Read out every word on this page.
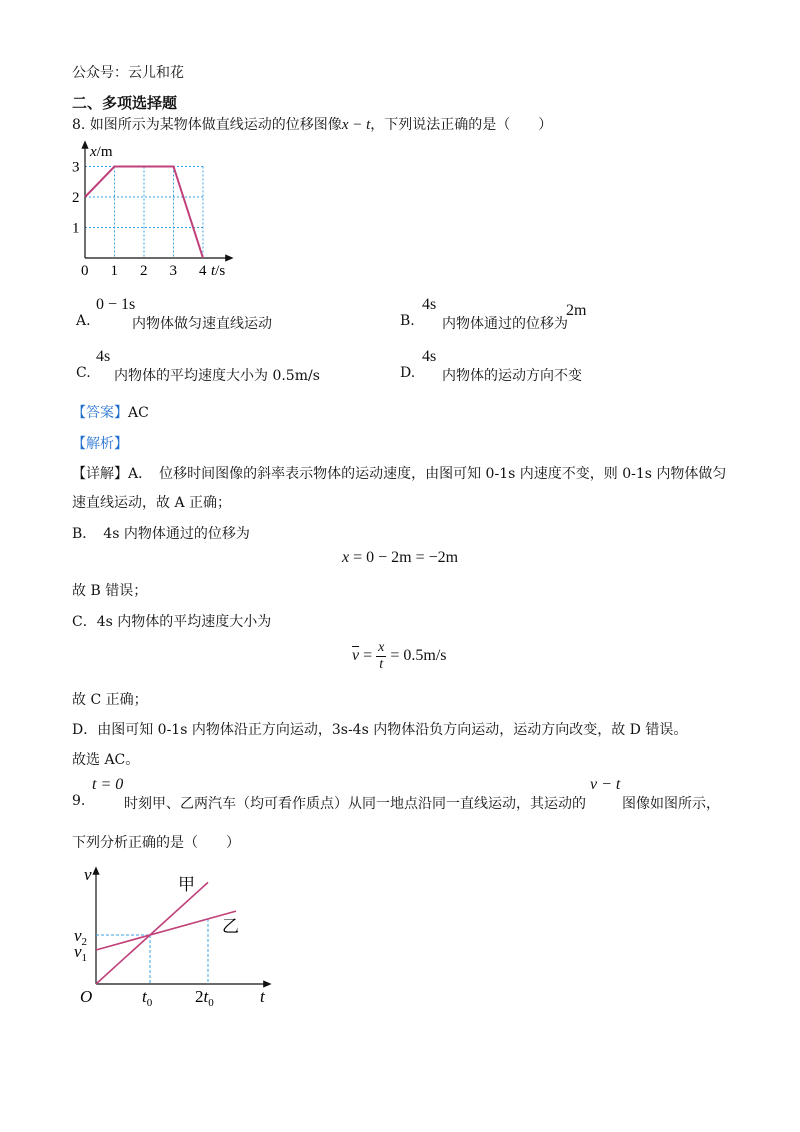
公众号：云儿和花
二、多项选择题
8. 如图所示为某物体做直线运动的位移图像x − t，下列说法正确的是（　　）
0 1 2 3 4
1
2
3
x/m
t/s
A.
0 − 1s
内物体做匀速直线运动	B.
4s
内物体通过的位移为
2m
C.
4s
内物体的平均速度大小为 0.5m/s	D.
4s
内物体的运动方向不变
【答案】AC
【解析】
【详解】A．　位移时间图像的斜率表示物体的运动速度，由图可知 0-1s 内速度不变，则 0-1s 内物体做匀
速直线运动，故 A 正确；
B．　4s 内物体通过的位移为
x = 0 − 2m = −2m
故 B 错误；
C．4s 内物体的平均速度大小为
$\overline{v} = \frac{x}{t} = 0.5m/s$
故 C 正确；
D．由图可知 0-1s 内物体沿正方向运动，3s-4s 内物体沿负方向运动，运动方向改变，故 D 错误。
故选 AC。
9.
t = 0
时刻甲、乙两汽车（均可看作质点）从同一地点沿同一直线运动，其运动的
v − t
图像如图所示，
下列分析正确的是（　　）
$v_1$
$v_2$
$t_0$	$2t_0$
O	t
v
甲
乙
